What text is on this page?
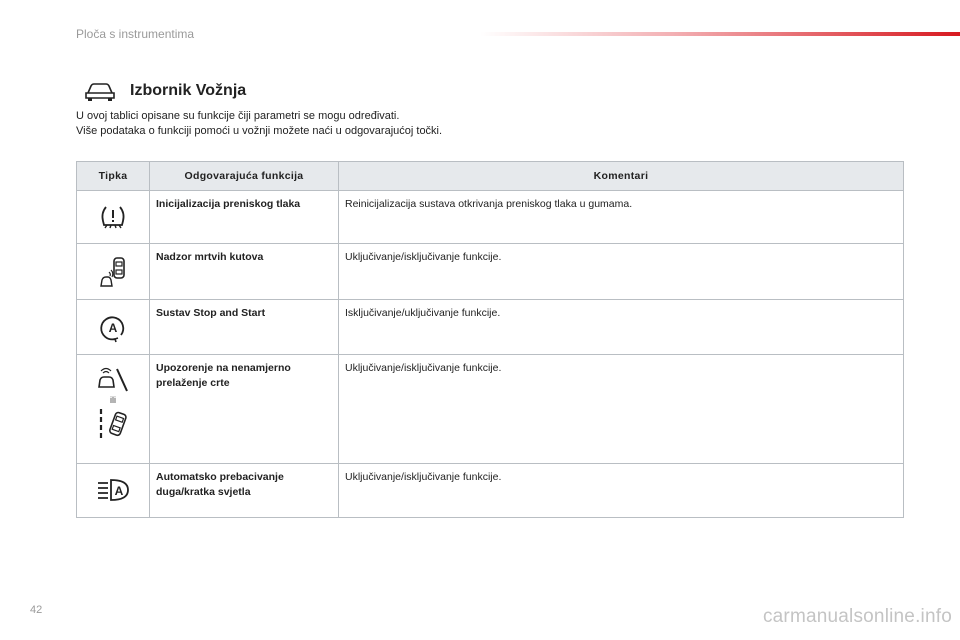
Ploča s instrumentima
Izbornik Vožnja
U ovoj tablici opisane su funkcije čiji parametri se mogu određivati.
Više podataka o funkciji pomoći u vožnji možete naći u odgovarajućoj točki.
Tipka	Odgovarajuća funkcija	Komentari

	Inicijalizacija preniskog tlaka	Reinicijalizacija sustava otkrivanja preniskog tlaka u gumama.

	Nadzor mrtvih kutova	Uključivanje/isključivanje funkcije.

A	Sustav Stop and Start	Isključivanje/uključivanje funkcije.

ili	Upozorenje na nenamjerno prelaženje crte	Uključivanje/isključivanje funkcije.

A	Automatsko prebacivanje duga/kratka svjetla	Uključivanje/isključivanje funkcije.
42	carmanualsonline.info
